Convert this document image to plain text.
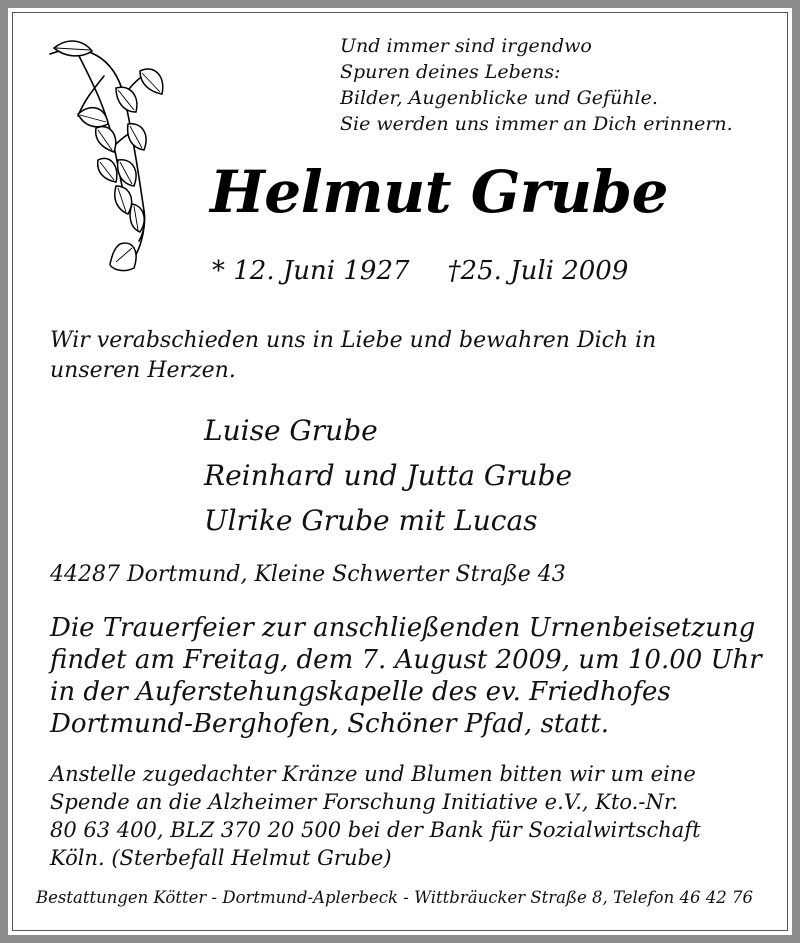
Und immer sind irgendwo
Spuren deines Lebens:
Bilder, Augenblicke und Gefühle.
Sie werden uns immer an Dich erinnern.
Helmut Grube
* 12. Juni 1927 †25. Juli 2009
Wir verabschieden uns in Liebe und bewahren Dich in
unseren Herzen.
Luise Grube
Reinhard und Jutta Grube
Ulrike Grube mit Lucas
44287 Dortmund, Kleine Schwerter Straße 43
Die Trauerfeier zur anschließenden Urnenbeisetzung
findet am Freitag, dem 7. August 2009, um 10.00 Uhr
in der Auferstehungskapelle des ev. Friedhofes
Dortmund-Berghofen, Schöner Pfad, statt.
Anstelle zugedachter Kränze und Blumen bitten wir um eine
Spende an die Alzheimer Forschung Initiative e.V., Kto.-Nr.
80 63 400, BLZ 370 20 500 bei der Bank für Sozialwirtschaft
Köln. (Sterbefall Helmut Grube)
Bestattungen Kötter - Dortmund-Aplerbeck - Wittbräucker Straße 8, Telefon 46 42 76
